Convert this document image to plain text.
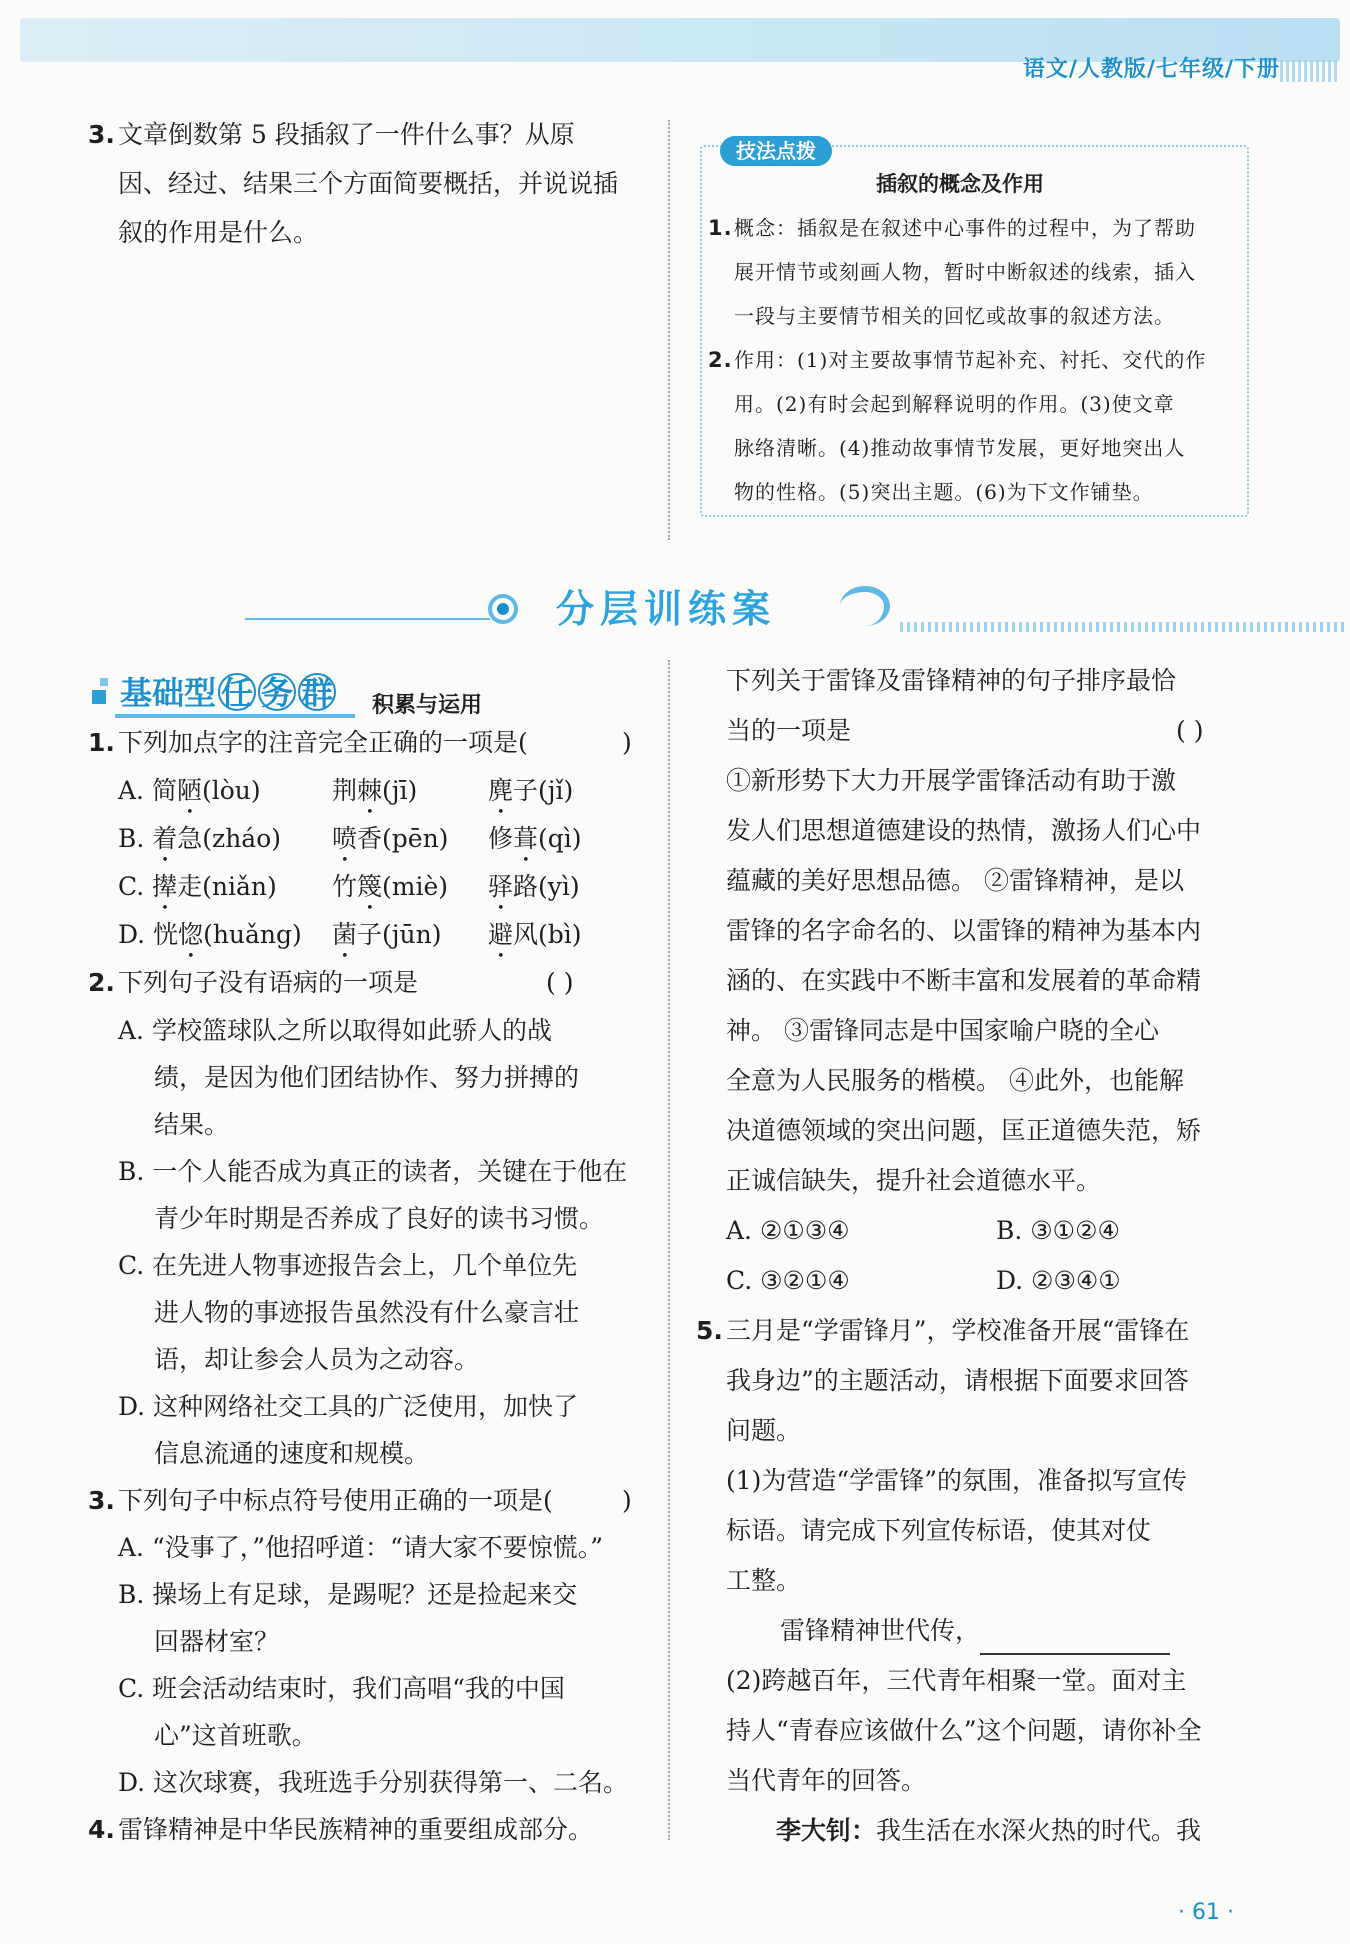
语文/人教版/七年级/下册
3. 文章倒数第 5 段插叙了一件什么事？从原
因、经过、结果三个方面简要概括，并说说插
叙的作用是什么。
技法点拨
插叙的概念及作用
1. 概念：插叙是在叙述中心事件的过程中，为了帮助
展开情节或刻画人物，暂时中断叙述的线索，插入
一段与主要情节相关的回忆或故事的叙述方法。
2. 作用：(1)对主要故事情节起补充、衬托、交代的作
用。(2)有时会起到解释说明的作用。(3)使文章
脉络清晰。(4)推动故事情节发展，更好地突出人
物的性格。(5)突出主题。(6)为下文作铺垫。
分层训练案
基础型 任 务 群 积累与运用
1. 下列加点字的注音完全正确的一项是(	)
A. 简陋(lòu)	荆棘(jī)	麂子(jǐ)
B. 着急(zháo) 喷香(pēn) 修葺(qì)
C. 撵走(niǎn) 竹篾(miè) 驿路(yì)
D. 恍惚(huǎng) 菌子(jūn) 避风(bì)
2. 下列句子没有语病的一项是	( )
A. 学校篮球队之所以取得如此骄人的战
绩，是因为他们团结协作、努力拼搏的
结果。
B. 一个人能否成为真正的读者，关键在于他在
青少年时期是否养成了良好的读书习惯。
C. 在先进人物事迹报告会上，几个单位先
进人物的事迹报告虽然没有什么豪言壮
语，却让参会人员为之动容。
D. 这种网络社交工具的广泛使用，加快了
信息流通的速度和规模。
3. 下列句子中标点符号使用正确的一项是(	)
A. “没事了，”他招呼道：“请大家不要惊慌。”
B. 操场上有足球，是踢呢？还是捡起来交
回器材室？
C. 班会活动结束时，我们高唱“我的中国
心”这首班歌。
D. 这次球赛，我班选手分别获得第一、二名。
4. 雷锋精神是中华民族精神的重要组成部分。
下列关于雷锋及雷锋精神的句子排序最恰
当的一项是	( )
①新形势下大力开展学雷锋活动有助于激
发人们思想道德建设的热情，激扬人们心中
蕴藏的美好思想品德。 ②雷锋精神，是以
雷锋的名字命名的、以雷锋的精神为基本内
涵的、在实践中不断丰富和发展着的革命精
神。 ③雷锋同志是中国家喻户晓的全心
全意为人民服务的楷模。 ④此外，也能解
决道德领域的突出问题，匡正道德失范，矫
正诚信缺失，提升社会道德水平。
A. ②①③④	B. ③①②④
C. ③②①④	D. ②③④①
5. 三月是“学雷锋月”，学校准备开展“雷锋在
我身边”的主题活动，请根据下面要求回答
问题。
(1)为营造“学雷锋”的氛围，准备拟写宣传
标语。请完成下列宣传标语，使其对仗
工整。
雷锋精神世代传，
(2)跨越百年，三代青年相聚一堂。面对主
持人“青春应该做什么”这个问题，请你补全
当代青年的回答。
李大钊：我生活在水深火热的时代。我
· 61 ·
